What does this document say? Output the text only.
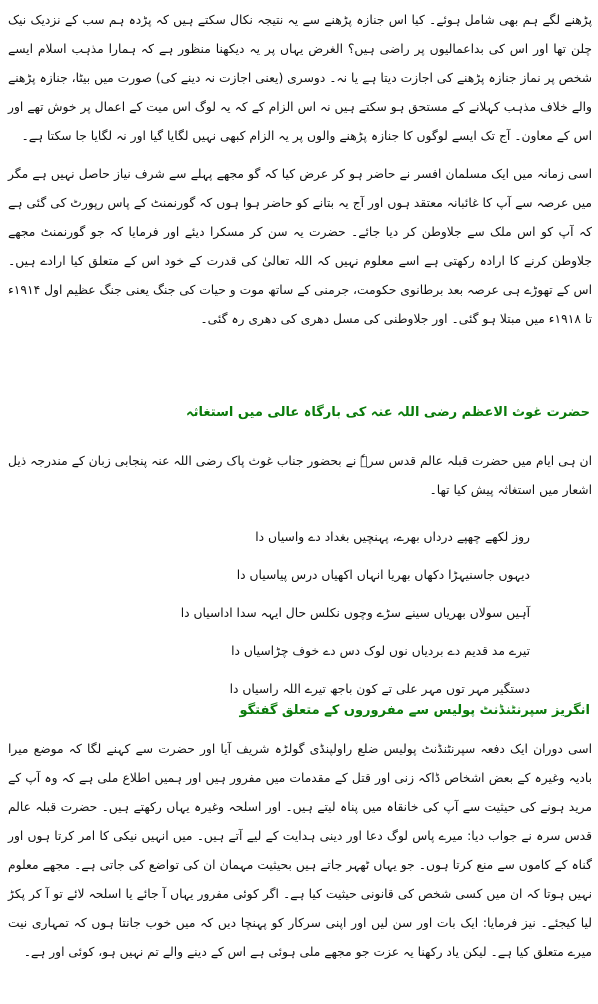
پڑھنے لگے ہم بھی شامل ہوئے۔ کیا اس جنازہ پڑھنے سے یہ نتیجہ نکال سکتے ہیں کہ پڑدہ ہم سب کے نزدیک نیک چلن تھا اور اس کی بداعمالیوں پر راضی ہیں؟ الغرض یہاں پر یہ دیکھنا منظور ہے کہ ہمارا مذہب اسلام ایسے شخص پر نماز جنازہ پڑھنے کی اجازت دیتا ہے یا نہ۔ دوسری (یعنی اجازت نہ دینے کی) صورت میں بیٹا، جنازہ پڑھنے والے خلاف مذہب کہلانے کے مستحق ہو سکتے ہیں نہ اس الزام کے کہ یہ لوگ اس میت کے اعمال پر خوش تھے اور اس کے معاون۔ آج تک ایسے لوگوں کا جنازہ پڑھنے والوں پر یہ الزام کبھی نہیں لگایا گیا اور نہ لگایا جا سکتا ہے۔

اسی زمانہ میں ایک مسلمان افسر نے حاضر ہو کر عرض کیا کہ گو مجھے پہلے سے شرف نیاز حاصل نہیں ہے مگر میں عرصہ سے آپ کا غائبانہ معتقد ہوں اور آج یہ بتانے کو حاضر ہوا ہوں کہ گورنمنٹ کے پاس رپورٹ کی گئی ہے کہ آپ کو اس ملک سے جلاوطن کر دیا جائے۔ حضرت یہ سن کر مسکرا دیئے اور فرمایا کہ جو گورنمنٹ مجھے جلاوطن کرنے کا ارادہ رکھتی ہے اسے معلوم نہیں کہ اللہ تعالیٰ کی قدرت کے خود اس کے متعلق کیا ارادے ہیں۔ اس کے تھوڑے ہی عرصہ بعد برطانوی حکومت، جرمنی کے ساتھ موت و حیات کی جنگ یعنی جنگ عظیم اول ۱۹۱۴ء تا ۱۹۱۸ء میں مبتلا ہو گئی۔ اور جلاوطنی کی مسل دھری کی دھری رہ گئی۔

حضرت غوث الاعظم رضی اللہ عنہ کی بارگاہ عالی میں استغاثہ

ان ہی ایام میں حضرت قبلہ عالم قدس سرہٗ نے بحضور جناب غوث پاک رضی اللہ عنہ پنجابی زبان کے مندرجہ ذیل اشعار میں استغاثہ پیش کیا تھا۔

روز لکھے چھپے درداں بھرے، پہنچیں بغداد دے واسیاں دا
دیہوں جاسنیہڑا دکھاں بھریا انہاں اکھیاں درس پیاسیاں دا
آہیں سولاں بھریاں سینے سڑے وچوں نکلس حال ایہہ سدا اداسیاں دا
تیرے مد قدیم دے بردیاں نوں لوک دس دے خوف چڑاسیاں دا
دستگیر مہر توں مہر علی تے کون باجھ تیرے اللہ راسیاں دا
انگریز سپرنٹنڈنٹ پولیس سے مفروروں کے متعلق گفتگو

اسی دوران ایک دفعہ سپرنٹنڈنٹ پولیس ضلع راولپنڈی گولڑہ شریف آیا اور حضرت سے کہنے لگا کہ موضع میرا بادیہ وغیرہ کے بعض اشخاص ڈاکہ زنی اور قتل کے مقدمات میں مفرور ہیں اور ہمیں اطلاع ملی ہے کہ وہ آپ کے مرید ہونے کی حیثیت سے آپ کی خانقاہ میں پناہ لیتے ہیں۔ اور اسلحہ وغیرہ یہاں رکھتے ہیں۔ حضرت قبلہ عالم قدس سرہ نے جواب دیا: میرے پاس لوگ دعا اور دینی ہدایت کے لیے آتے ہیں۔ میں انہیں نیکی کا امر کرتا ہوں اور گناہ کے کاموں سے منع کرتا ہوں۔ جو یہاں ٹھہر جاتے ہیں بحیثیت مہمان ان کی تواضع کی جاتی ہے۔ مجھے معلوم نہیں ہوتا کہ ان میں کسی شخص کی قانونی حیثیت کیا ہے۔ اگر کوئی مفرور یہاں آ جائے یا اسلحہ لائے تو آ کر پکڑ لیا کیجئے۔ نیز فرمایا: ایک بات اور سن لیں اور اپنی سرکار کو پہنچا دیں کہ میں خوب جانتا ہوں کہ تمہاری نیت میرے متعلق کیا ہے۔ لیکن یاد رکھنا یہ عزت جو مجھے ملی ہوئی ہے اس کے دینے والے تم نہیں ہو، کوئی اور ہے۔
